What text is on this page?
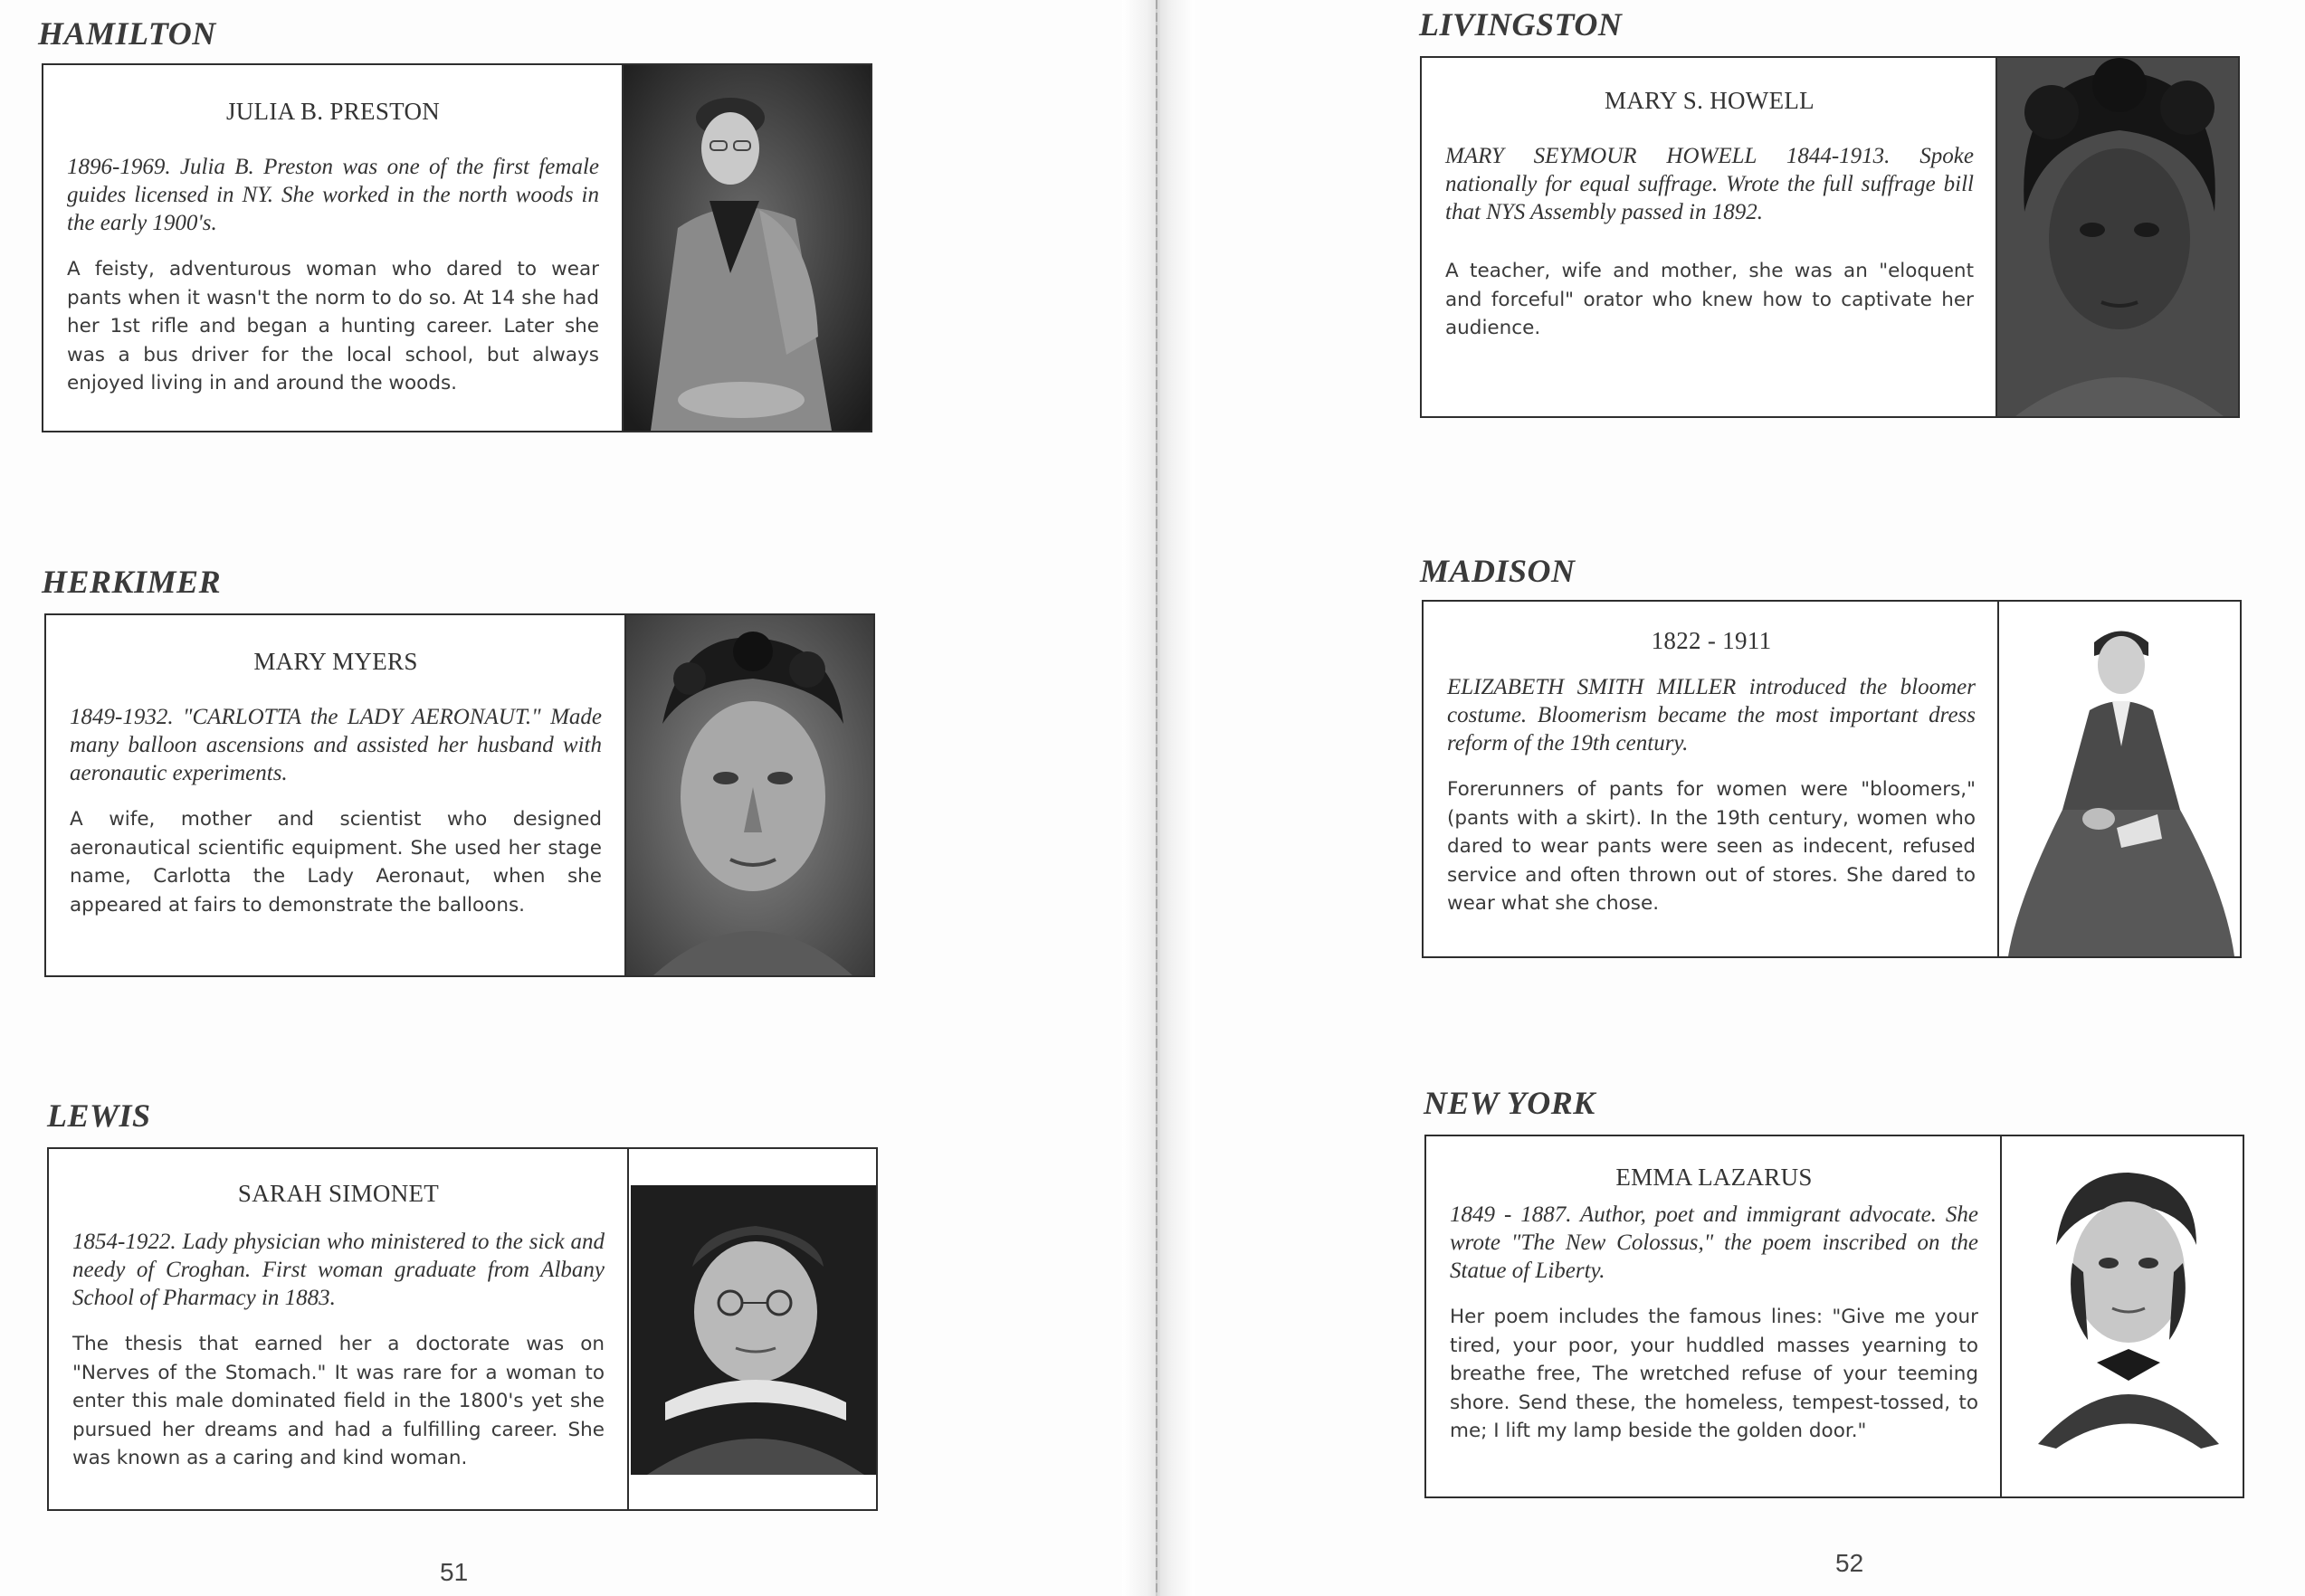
HAMILTON
JULIA B. PRESTON
1896-1969. Julia B. Preston was one of the first female guides licensed in NY. She worked in the north woods in the early 1900's.
A feisty, adventurous woman who dared to wear pants when it wasn't the norm to do so. At 14 she had her 1st rifle and began a hunting career. Later she was a bus driver for the local school, but always enjoyed living in and around the woods.
HERKIMER
MARY MYERS
1849-1932. "CARLOTTA the LADY AERONAUT." Made many balloon ascensions and assisted her husband with aeronautic experiments.
A wife, mother and scientist who designed aeronautical scientific equipment. She used her stage name, Carlotta the Lady Aeronaut, when she appeared at fairs to demonstrate the balloons.
LEWIS
SARAH SIMONET
1854-1922. Lady physician who ministered to the sick and needy of Croghan. First woman graduate from Albany School of Pharmacy in 1883.
The thesis that earned her a doctorate was on "Nerves of the Stomach." It was rare for a woman to enter this male dominated field in the 1800's yet she pursued her dreams and had a fulfilling career. She was known as a caring and kind woman.
51
LIVINGSTON
MARY S. HOWELL
MARY SEYMOUR HOWELL 1844-1913. Spoke nationally for equal suffrage. Wrote the full suffrage bill that NYS Assembly passed in 1892.
A teacher, wife and mother, she was an "eloquent and forceful" orator who knew how to captivate her audience.
MADISON
1822 - 1911
ELIZABETH SMITH MILLER introduced the bloomer costume. Bloomerism became the most important dress reform of the 19th century.
Forerunners of pants for women were "bloomers," (pants with a skirt). In the 19th century, women who dared to wear pants were seen as indecent, refused service and often thrown out of stores. She dared to wear what she chose.
NEW YORK
EMMA LAZARUS
1849 - 1887. Author, poet and immigrant advocate. She wrote "The New Colossus," the poem inscribed on the Statue of Liberty.
Her poem includes the famous lines: "Give me your tired, your poor, your huddled masses yearning to breathe free, The wretched refuse of your teeming shore. Send these, the homeless, tempest-tossed, to me; I lift my lamp beside the golden door."
52
